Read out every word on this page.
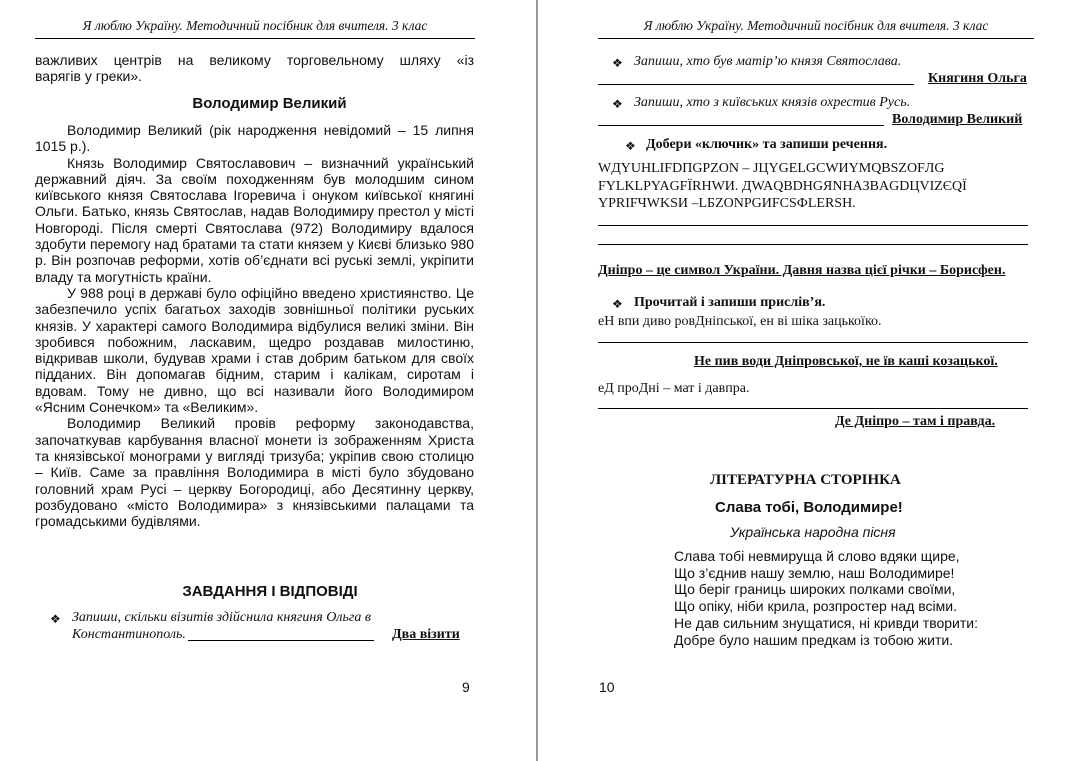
Я люблю Україну. Методичний посібник для вчителя. 3 клас
важливих центрів на великому торговельному шляху «із
варягів у греки».
Володимир Великий

Володимир Великий (рік народження невідомий – 15 липня 1015 р.).

Князь Володимир Святославович – визначний український державний діяч. За своїм походженням був молодшим сином київського князя Святослава Ігоревича і онуком київської княгині Ольги. Батько, князь Святослав, надав Володимиру престол у місті Новгороді. Після смерті Святослава (972) Володимиру вдалося здобути перемогу над братами та стати князем у Києві близько 980 р. Він розпочав реформи, хотів об’єднати всі руські землі, укріпити владу та могутність країни.

У 988 році в державі було офіційно введено християнство. Це забезпечило успіх багатьох заходів зовнішньої політики руських князів. У характері самого Володимира відбулися великі зміни. Він зробився побожним, ласкавим, щедро роздавав милостиню, відкривав школи, будував храми і став добрим батьком для своїх підданих. Він допомагав бідним, старим і калікам, сиротам і вдовам. Тому не дивно, що всі називали його Володимиром «Ясним Сонечком» та «Великим».

Володимир Великий провів реформу законодавства, започаткував карбування власної монети із зображенням Христа та князівської монограми у вигляді тризуба; укріпив свою столицю – Київ. Саме за правління Володимира в місті було збудовано головний храм Русі – церкву Богородиці, або Десятинну церкву, розбудовано «місто Володимира» з князівськими палацами та громадськими будівлями.

ЗАВДАННЯ І ВІДПОВІДІ
❖ Запиши, скільки візитів здійснила княгиня Ольга в
Константинополь.	Два візити
9
Я люблю Україну. Методичний посібник для вчителя. 3 клас
❖ Запиши, хто був матір’ю князя Святослава.
Княгиня Ольга
❖ Запиши, хто з київських князів охрестив Русь.
Володимир Великий
❖ Добери «ключик» та запиши речення.
WДYUHLIFDПGPZON – JЦYGELGCWИYMQBSZOFЛG
FYLKLPYAGFЇRHWИ. ДWAQBDHGЯNHAЗBAGDЦVIZЄQЇ
YPRIFЧWKSИ –LБZONPGИFCSФLERSH.
Дніпро – це символ України. Давня назва цієї річки – Борисфен.
❖ Прочитай і запиши прислів’я.
еН впи диво ровДніпської, ен ві шіка зацькоїко.
Не пив води Дніпровської, не їв каші козацької.
еД проДні – мат і давпра.
Де Дніпро – там і правда.
ЛІТЕРАТУРНА СТОРІНКА
Слава тобі, Володимире!
Українська народна пісня
Слава тобі невмируща й слово вдяки щире,
Що з’єднив нашу землю, наш Володимире!
Що беріг границь широких полками своїми,
Що опіку, ніби крила, розпростер над всіми.
Не дав сильним знущатися, ні кривди творити:
Добре було нашим предкам із тобою жити.
10
